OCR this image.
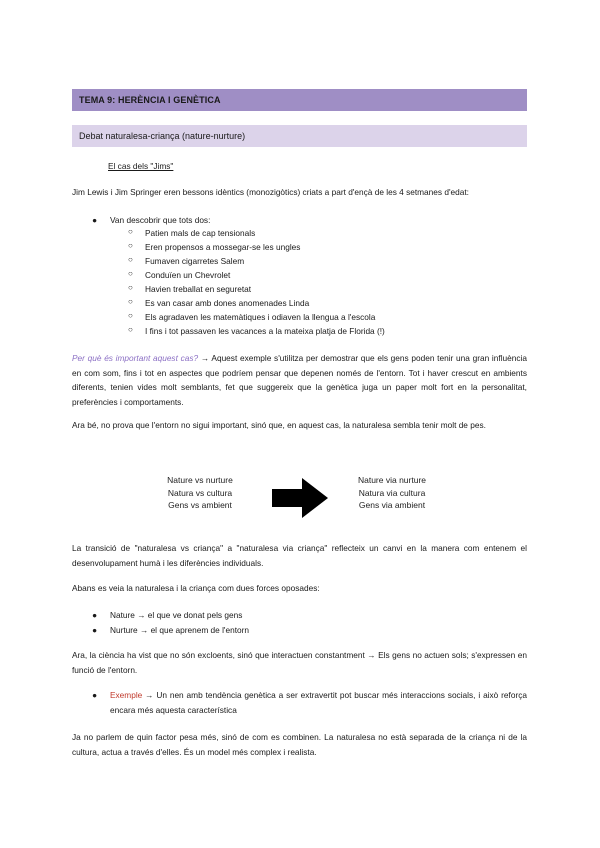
TEMA 9: HERÈNCIA I GENÈTICA
Debat naturalesa-criança (nature-nurture)

El cas dels "Jims"

Jim Lewis i Jim Springer eren bessons idèntics (monozigòtics) criats a part d'ençà de les 4 setmanes d'edat:

● Van descobrir que tots dos:
○ Patien mals de cap tensionals
○ Eren propensos a mossegar-se les ungles
○ Fumaven cigarretes Salem
○ Conduïen un Chevrolet
○ Havien treballat en seguretat
○ Es van casar amb dones anomenades Linda
○ Els agradaven les matemàtiques i odiaven la llengua a l'escola
○ I fins i tot passaven les vacances a la mateixa platja de Florida (!)

Per què és important aquest cas? → Aquest exemple s'utilitza per demostrar que els gens poden tenir una gran influència en com som, fins i tot en aspectes que podríem pensar que depenen només de l'entorn. Tot i haver crescut en ambients diferents, tenien vides molt semblants, fet que suggereix que la genètica juga un paper molt fort en la personalitat, preferències i comportaments.

Ara bé, no prova que l'entorn no sigui important, sinó que, en aquest cas, la naturalesa sembla tenir molt de pes.

Nature vs nurture
Natura vs cultura
Gens vs ambient
Nature via nurture
Natura via cultura
Gens via ambient

La transició de "naturalesa vs criança" a "naturalesa via criança" reflecteix un canvi en la manera com entenem el desenvolupament humà i les diferències individuals.

Abans es veia la naturalesa i la criança com dues forces oposades:

● Nature → el que ve donat pels gens
● Nurture → el que aprenem de l'entorn

Ara, la ciència ha vist que no són excloents, sinó que interactuen constantment → Els gens no actuen sols; s'expressen en funció de l'entorn.

● Exemple → Un nen amb tendència genètica a ser extravertit pot buscar més interaccions socials, i això reforça encara més aquesta característica

Ja no parlem de quin factor pesa més, sinó de com es combinen. La naturalesa no està separada de la criança ni de la cultura, actua a través d'elles. És un model més complex i realista.
